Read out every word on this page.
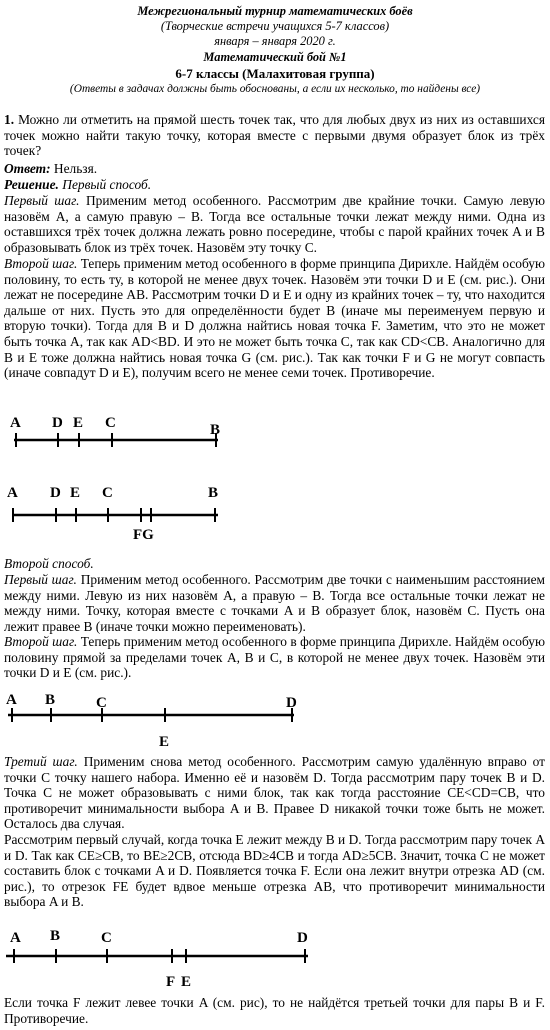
Межрегиональный турнир математических боёв
(Творческие встречи учащихся 5-7 классов)
января – января 2020 г.
Математический бой №1
6-7 классы (Малахитовая группа)
(Ответы в задачах должны быть обоснованы, а если их несколько, то найдены все)
1. Можно ли отметить на прямой шесть точек так, что для любых двух из них из оставшихся точек можно найти такую точку, которая вместе с первыми двумя образует блок из трёх точек?
Ответ: Нельзя.
Решение. Первый способ.
Первый шаг. Применим метод особенного. Рассмотрим две крайние точки. Самую левую назовём A, а самую правую – B. Тогда все остальные точки лежат между ними. Одна из оставшихся трёх точек должна лежать ровно посередине, чтобы с парой крайних точек A и B образовывать блок из трёх точек. Назовём эту точку C.
Второй шаг. Теперь применим метод особенного в форме принципа Дирихле. Найдём особую половину, то есть ту, в которой не менее двух точек. Назовём эти точки D и E (см. рис.). Они лежат не посередине AB. Рассмотрим точки D и E и одну из крайних точек – ту, что находится дальше от них. Пусть это для определённости будет B (иначе мы переименуем первую и вторую точки). Тогда для B и D должна найтись новая точка F. Заметим, что это не может быть точка A, так как AD<BD. И это не может быть точка C, так как CD<CB. Аналогично для B и E тоже должна найтись новая точка G (см. рис.). Так как точки F и G не могут совпасть (иначе совпадут D и E), получим всего не менее семи точек. Противоречие.
A D E C	B
A D E C	B
FG
Второй способ.
Первый шаг. Применим метод особенного. Рассмотрим две точки с наименьшим расстоянием между ними. Левую из них назовём A, а правую – B. Тогда все остальные точки лежат не между ними. Точку, которая вместе с точками A и B образует блок, назовём C. Пусть она лежит правее B (иначе точки можно переименовать).
Второй шаг. Теперь применим метод особенного в форме принципа Дирихле. Найдём особую половину прямой за пределами точек A, B и C, в которой не менее двух точек. Назовём эти точки D и E (см. рис.).
A B	C	D
E
Третий шаг. Применим снова метод особенного. Рассмотрим самую удалённую вправо от точки C точку нашего набора. Именно её и назовём D. Тогда рассмотрим пару точек B и D. Точка C не может образовывать с ними блок, так как тогда расстояние CE<CD=CB, что противоречит минимальности выбора A и B. Правее D никакой точки тоже быть не может. Осталось два случая.
Рассмотрим первый случай, когда точка E лежит между B и D. Тогда рассмотрим пару точек A и D. Так как CE≥CB, то BE≥2CB, отсюда BD≥4CB и тогда AD≥5CB. Значит, точка C не может составить блок с точками A и D. Появляется точка F. Если она лежит внутри отрезка AD (см. рис.), то отрезок FE будет вдвое меньше отрезка AB, что противоречит минимальности выбора A и B.
A B	C	D
F E
Если точка F лежит левее точки A (см. рис), то не найдётся третьей точки для пары B и F. Противоречие.
